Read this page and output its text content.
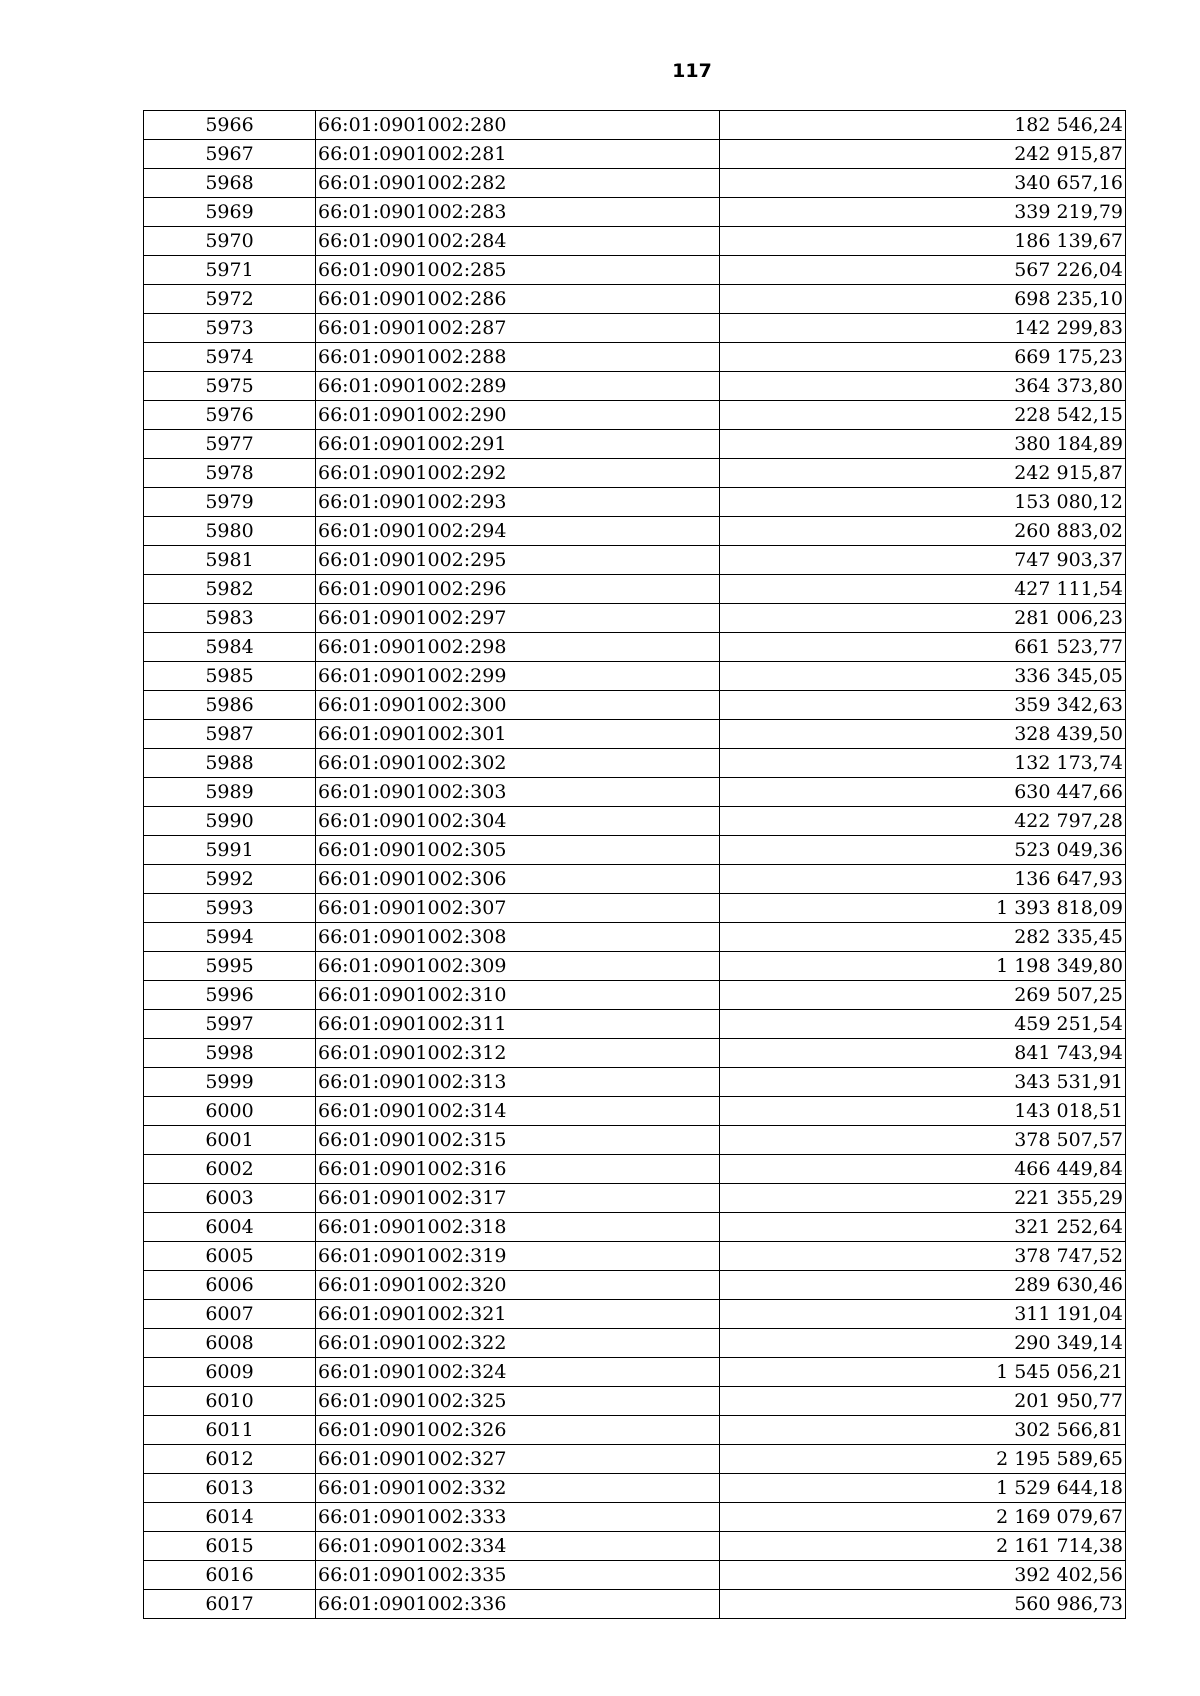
117
5966	66:01:0901002:280	182 546,24
5967	66:01:0901002:281	242 915,87
5968	66:01:0901002:282	340 657,16
5969	66:01:0901002:283	339 219,79
5970	66:01:0901002:284	186 139,67
5971	66:01:0901002:285	567 226,04
5972	66:01:0901002:286	698 235,10
5973	66:01:0901002:287	142 299,83
5974	66:01:0901002:288	669 175,23
5975	66:01:0901002:289	364 373,80
5976	66:01:0901002:290	228 542,15
5977	66:01:0901002:291	380 184,89
5978	66:01:0901002:292	242 915,87
5979	66:01:0901002:293	153 080,12
5980	66:01:0901002:294	260 883,02
5981	66:01:0901002:295	747 903,37
5982	66:01:0901002:296	427 111,54
5983	66:01:0901002:297	281 006,23
5984	66:01:0901002:298	661 523,77
5985	66:01:0901002:299	336 345,05
5986	66:01:0901002:300	359 342,63
5987	66:01:0901002:301	328 439,50
5988	66:01:0901002:302	132 173,74
5989	66:01:0901002:303	630 447,66
5990	66:01:0901002:304	422 797,28
5991	66:01:0901002:305	523 049,36
5992	66:01:0901002:306	136 647,93
5993	66:01:0901002:307	1 393 818,09
5994	66:01:0901002:308	282 335,45
5995	66:01:0901002:309	1 198 349,80
5996	66:01:0901002:310	269 507,25
5997	66:01:0901002:311	459 251,54
5998	66:01:0901002:312	841 743,94
5999	66:01:0901002:313	343 531,91
6000	66:01:0901002:314	143 018,51
6001	66:01:0901002:315	378 507,57
6002	66:01:0901002:316	466 449,84
6003	66:01:0901002:317	221 355,29
6004	66:01:0901002:318	321 252,64
6005	66:01:0901002:319	378 747,52
6006	66:01:0901002:320	289 630,46
6007	66:01:0901002:321	311 191,04
6008	66:01:0901002:322	290 349,14
6009	66:01:0901002:324	1 545 056,21
6010	66:01:0901002:325	201 950,77
6011	66:01:0901002:326	302 566,81
6012	66:01:0901002:327	2 195 589,65
6013	66:01:0901002:332	1 529 644,18
6014	66:01:0901002:333	2 169 079,67
6015	66:01:0901002:334	2 161 714,38
6016	66:01:0901002:335	392 402,56
6017	66:01:0901002:336	560 986,73
